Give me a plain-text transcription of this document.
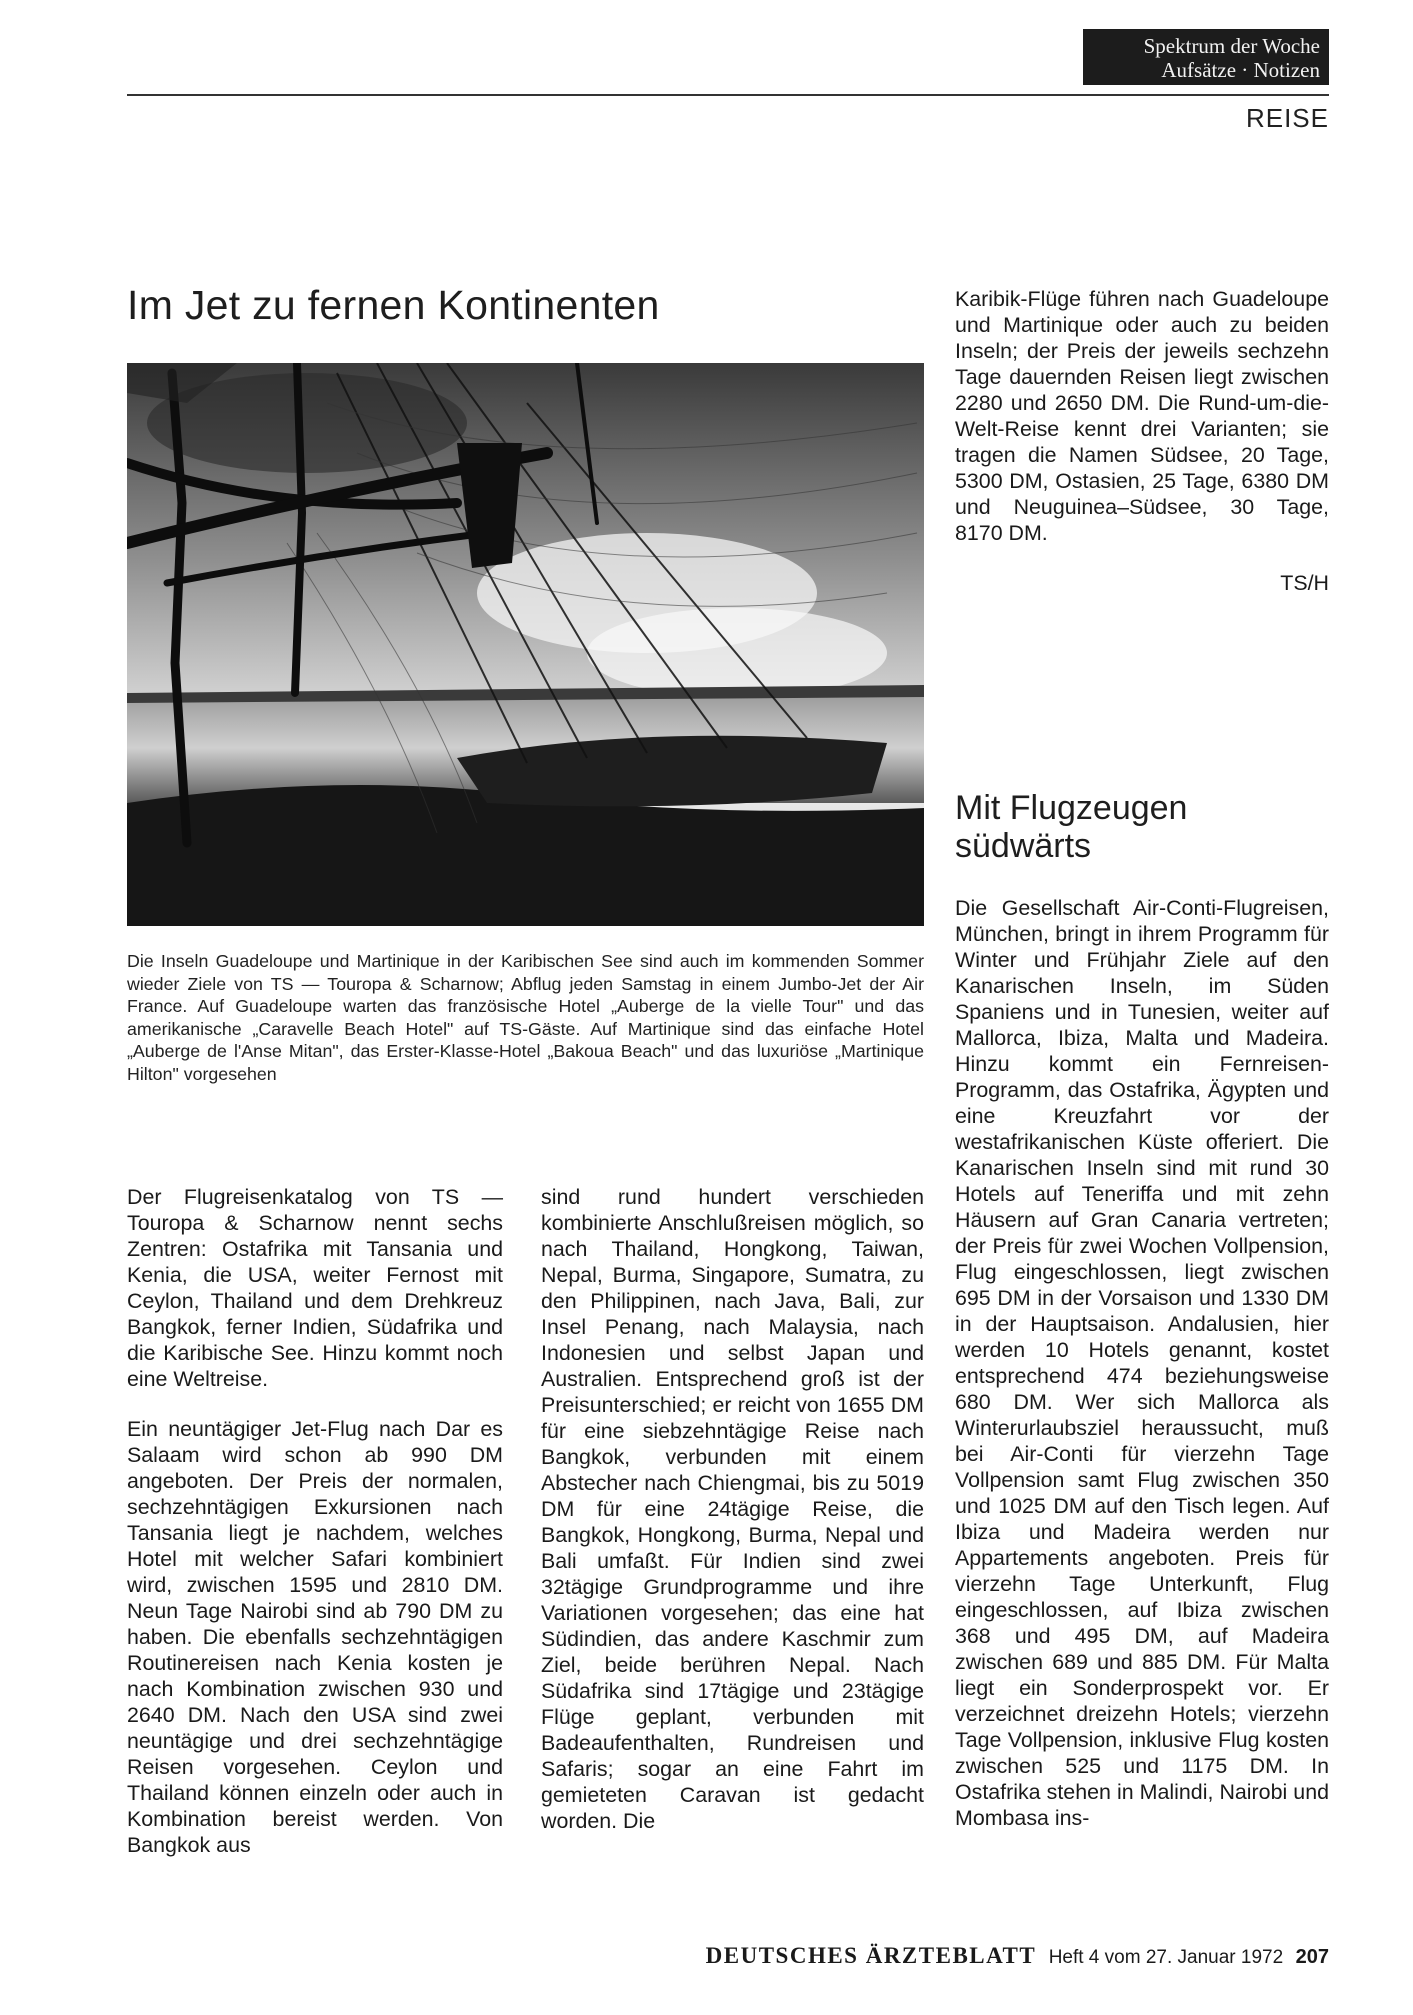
Spektrum der Woche
Aufsätze · Notizen
REISE
Im Jet zu fernen Kontinenten

Die Inseln Guadeloupe und Martinique in der Karibischen See sind auch im kommenden Sommer wieder Ziele von TS — Touropa & Scharnow; Abflug jeden Samstag in einem Jumbo-Jet der Air France. Auf Guadeloupe warten das französische Hotel „Auberge de la vielle Tour" und das amerikanische „Caravelle Beach Hotel" auf TS-Gäste. Auf Martinique sind das einfache Hotel „Auberge de l'Anse Mitan", das Erster-Klasse-Hotel „Bakoua Beach" und das luxuriöse „Martinique Hilton" vorgesehen

Der Flugreisenkatalog von TS — Touropa & Scharnow nennt sechs Zentren: Ostafrika mit Tansania und Kenia, die USA, weiter Fernost mit Ceylon, Thailand und dem Drehkreuz Bangkok, ferner Indien, Südafrika und die Karibische See. Hinzu kommt noch eine Weltreise.

Ein neuntägiger Jet-Flug nach Dar es Salaam wird schon ab 990 DM angeboten. Der Preis der normalen, sechzehntägigen Exkursionen nach Tansania liegt je nachdem, welches Hotel mit welcher Safari kombiniert wird, zwischen 1595 und 2810 DM. Neun Tage Nairobi sind ab 790 DM zu haben. Die ebenfalls sechzehntägigen Routinereisen nach Kenia kosten je nach Kombination zwischen 930 und 2640 DM. Nach den USA sind zwei neuntägige und drei sechzehntägige Reisen vorgesehen. Ceylon und Thailand können einzeln oder auch in Kombination bereist werden. Von Bangkok aus

sind rund hundert verschieden kombinierte Anschlußreisen möglich, so nach Thailand, Hongkong, Taiwan, Nepal, Burma, Singapore, Sumatra, zu den Philippinen, nach Java, Bali, zur Insel Penang, nach Malaysia, nach Indonesien und selbst Japan und Australien. Entsprechend groß ist der Preisunterschied; er reicht von 1655 DM für eine siebzehntägige Reise nach Bangkok, verbunden mit einem Abstecher nach Chiengmai, bis zu 5019 DM für eine 24tägige Reise, die Bangkok, Hongkong, Burma, Nepal und Bali umfaßt. Für Indien sind zwei 32tägige Grundprogramme und ihre Variationen vorgesehen; das eine hat Südindien, das andere Kaschmir zum Ziel, beide berühren Nepal. Nach Südafrika sind 17tägige und 23tägige Flüge geplant, verbunden mit Badeaufenthalten, Rundreisen und Safaris; sogar an eine Fahrt im gemieteten Caravan ist gedacht worden. Die

Karibik-Flüge führen nach Guadeloupe und Martinique oder auch zu beiden Inseln; der Preis der jeweils sechzehn Tage dauernden Reisen liegt zwischen 2280 und 2650 DM. Die Rund-um-die-Welt-Reise kennt drei Varianten; sie tragen die Namen Südsee, 20 Tage, 5300 DM, Ostasien, 25 Tage, 6380 DM und Neuguinea–Südsee, 30 Tage, 8170 DM.

TS/H

Mit Flugzeugen
südwärts

Die Gesellschaft Air-Conti-Flugreisen, München, bringt in ihrem Programm für Winter und Frühjahr Ziele auf den Kanarischen Inseln, im Süden Spaniens und in Tunesien, weiter auf Mallorca, Ibiza, Malta und Madeira. Hinzu kommt ein Fernreisen-Programm, das Ostafrika, Ägypten und eine Kreuzfahrt vor der westafrikanischen Küste offeriert. Die Kanarischen Inseln sind mit rund 30 Hotels auf Teneriffa und mit zehn Häusern auf Gran Canaria vertreten; der Preis für zwei Wochen Vollpension, Flug eingeschlossen, liegt zwischen 695 DM in der Vorsaison und 1330 DM in der Hauptsaison. Andalusien, hier werden 10 Hotels genannt, kostet entsprechend 474 beziehungsweise 680 DM. Wer sich Mallorca als Winterurlaubsziel heraussucht, muß bei Air-Conti für vierzehn Tage Vollpension samt Flug zwischen 350 und 1025 DM auf den Tisch legen. Auf Ibiza und Madeira werden nur Appartements angeboten. Preis für vierzehn Tage Unterkunft, Flug eingeschlossen, auf Ibiza zwischen 368 und 495 DM, auf Madeira zwischen 689 und 885 DM. Für Malta liegt ein Sonderprospekt vor. Er verzeichnet dreizehn Hotels; vierzehn Tage Vollpension, inklusive Flug kosten zwischen 525 und 1175 DM. In Ostafrika stehen in Malindi, Nairobi und Mombasa ins-

DEUTSCHES ÄRZTEBLATT Heft 4 vom 27. Januar 1972 207
